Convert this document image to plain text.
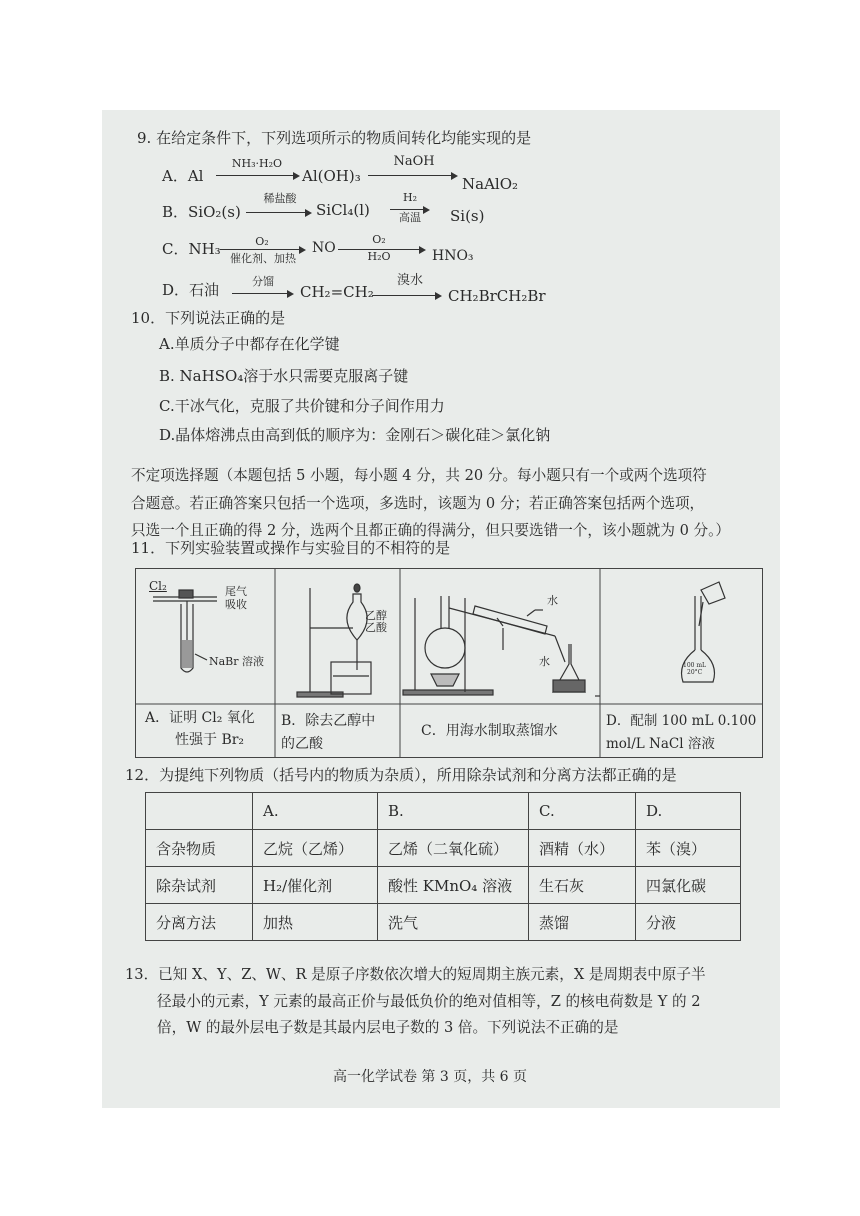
9. 在给定条件下，下列选项所示的物质间转化均能实现的是
A．Al
NH₃·H₂O
Al(OH)₃
NaOH
NaAlO₂
B．SiO₂(s)
稀盐酸
SiCl₄(l)
H₂
高温	Si(s)
C．NH₃	O₂
催化剂、加热
NO
O₂
H₂O	HNO₃
D．石油	分馏
CH₂=CH₂
溴水
CH₂BrCH₂Br
10．下列说法正确的是
A.单质分子中都存在化学键
B. NaHSO₄溶于水只需要克服离子键
C.干冰气化，克服了共价键和分子间作用力
D.晶体熔沸点由高到低的顺序为：金刚石＞碳化硅＞氯化钠
不定项选择题（本题包括 5 小题，每小题 4 分，共 20 分。每小题只有一个或两个选项符
合题意。若正确答案只包括一个选项，多选时，该题为 0 分；若正确答案包括两个选项，
只选一个且正确的得 2 分，选两个且都正确的得满分，但只要选错一个，该小题就为 0 分。）
11．下列实验装置或操作与实验目的不相符的是
Cl₂	尾气
吸收
NaBr 溶液
乙醇
乙酸
水
水	100 mL
20°C
A．证明 Cl₂ 氧化
性强于 Br₂
B．除去乙醇中
的乙酸
C．用海水制取蒸馏水
D．配制 100 mL 0.100
mol/L NaCl 溶液
12．为提纯下列物质（括号内的物质为杂质），所用除杂试剂和分离方法都正确的是
	A.	B.	C.	D.
含杂物质	乙烷（乙烯）	乙烯（二氧化硫）	酒精（水）	苯（溴）
除杂试剂	H₂/催化剂	酸性 KMnO₄ 溶液	生石灰	四氯化碳
分离方法	加热	洗气	蒸馏	分液
13．已知 X、Y、Z、W、R 是原子序数依次增大的短周期主族元素，X 是周期表中原子半
径最小的元素，Y 元素的最高正价与最低负价的绝对值相等，Z 的核电荷数是 Y 的 2
倍，W 的最外层电子数是其最内层电子数的 3 倍。下列说法不正确的是
高一化学试卷 第 3 页，共 6 页
